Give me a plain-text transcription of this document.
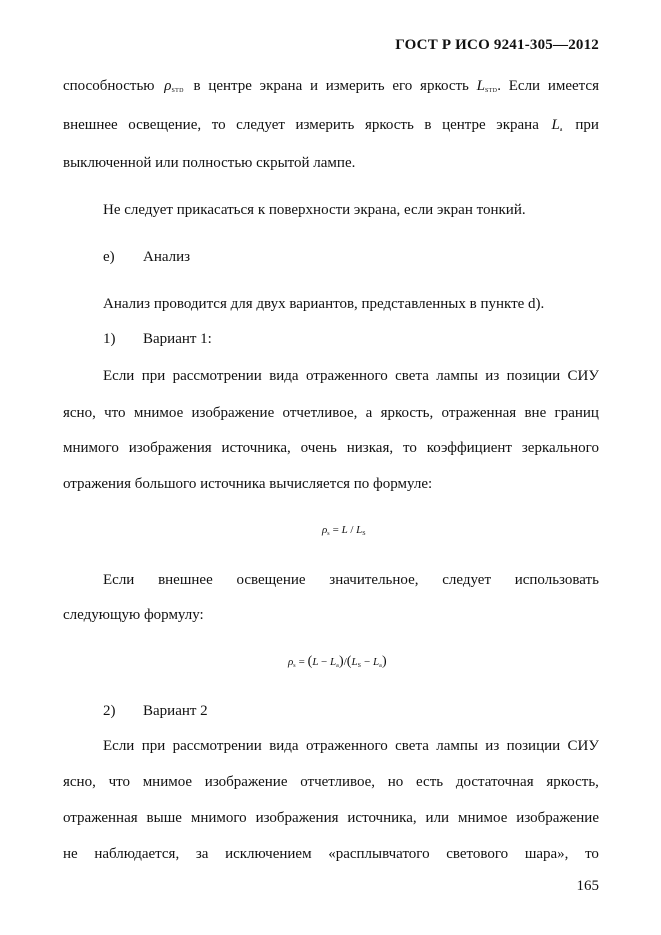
ГОСТ Р ИСО 9241-305—2012
способностью $\rho_{STD}$ в центре экрана и измерить его яркость $L_{STD}$. Если имеется
внешнее освещение, то следует измерить яркость в центре экрана $L_a$ при
выключенной или полностью скрытой лампе.
Не следует прикасаться к поверхности экрана, если экран тонкий.
e) Анализ
Анализ проводится для двух вариантов, представленных в пункте d).
1) Вариант 1:
Если при рассмотрении вида отраженного света лампы из позиции СИУ
ясно, что мнимое изображение отчетливое, а яркость, отраженная вне границ
мнимого изображения источника, очень низкая, то коэффициент зеркального
отражения большого источника вычисляется по формуле:
$\rho_s = L / L_S$
Если внешнее освещение значительное, следует использовать
следующую формулу:
$\rho_s = (L - L_a)/(L_S - L_a)$
2) Вариант 2
Если при рассмотрении вида отраженного света лампы из позиции СИУ
ясно, что мнимое изображение отчетливое, но есть достаточная яркость,
отраженная выше мнимого изображения источника, или мнимое изображение
не наблюдается, за исключением «расплывчатого светового шара», то
165
